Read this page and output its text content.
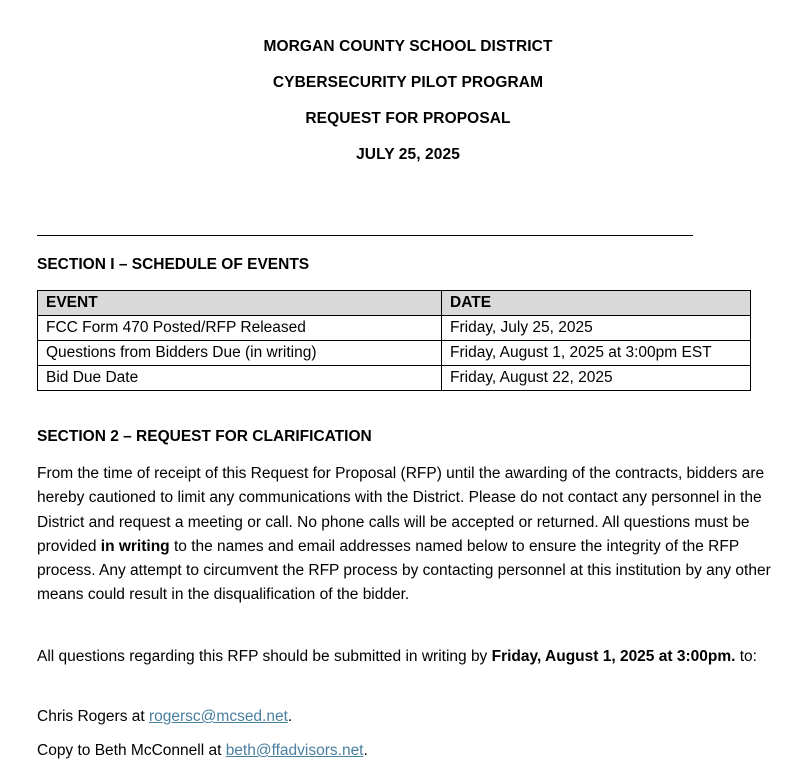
MORGAN COUNTY SCHOOL DISTRICT
CYBERSECURITY PILOT PROGRAM
REQUEST FOR PROPOSAL
JULY 25, 2025
SECTION I – SCHEDULE OF EVENTS
EVENT	DATE
FCC Form 470 Posted/RFP Released	Friday, July 25, 2025
Questions from Bidders Due (in writing)	Friday, August 1, 2025 at 3:00pm EST
Bid Due Date	Friday, August 22, 2025
SECTION 2 – REQUEST FOR CLARIFICATION

From the time of receipt of this Request for Proposal (RFP) until the awarding of the contracts, bidders are hereby cautioned to limit any communications with the District. Please do not contact any personnel in the District and request a meeting or call. No phone calls will be accepted or returned. All questions must be provided in writing to the names and email addresses named below to ensure the integrity of the RFP process. Any attempt to circumvent the RFP process by contacting personnel at this institution by any other means could result in the disqualification of the bidder.

All questions regarding this RFP should be submitted in writing by Friday, August 1, 2025 at 3:00pm. to:

Chris Rogers at rogersc@mcsed.net.

Copy to Beth McConnell at beth@ffadvisors.net.
